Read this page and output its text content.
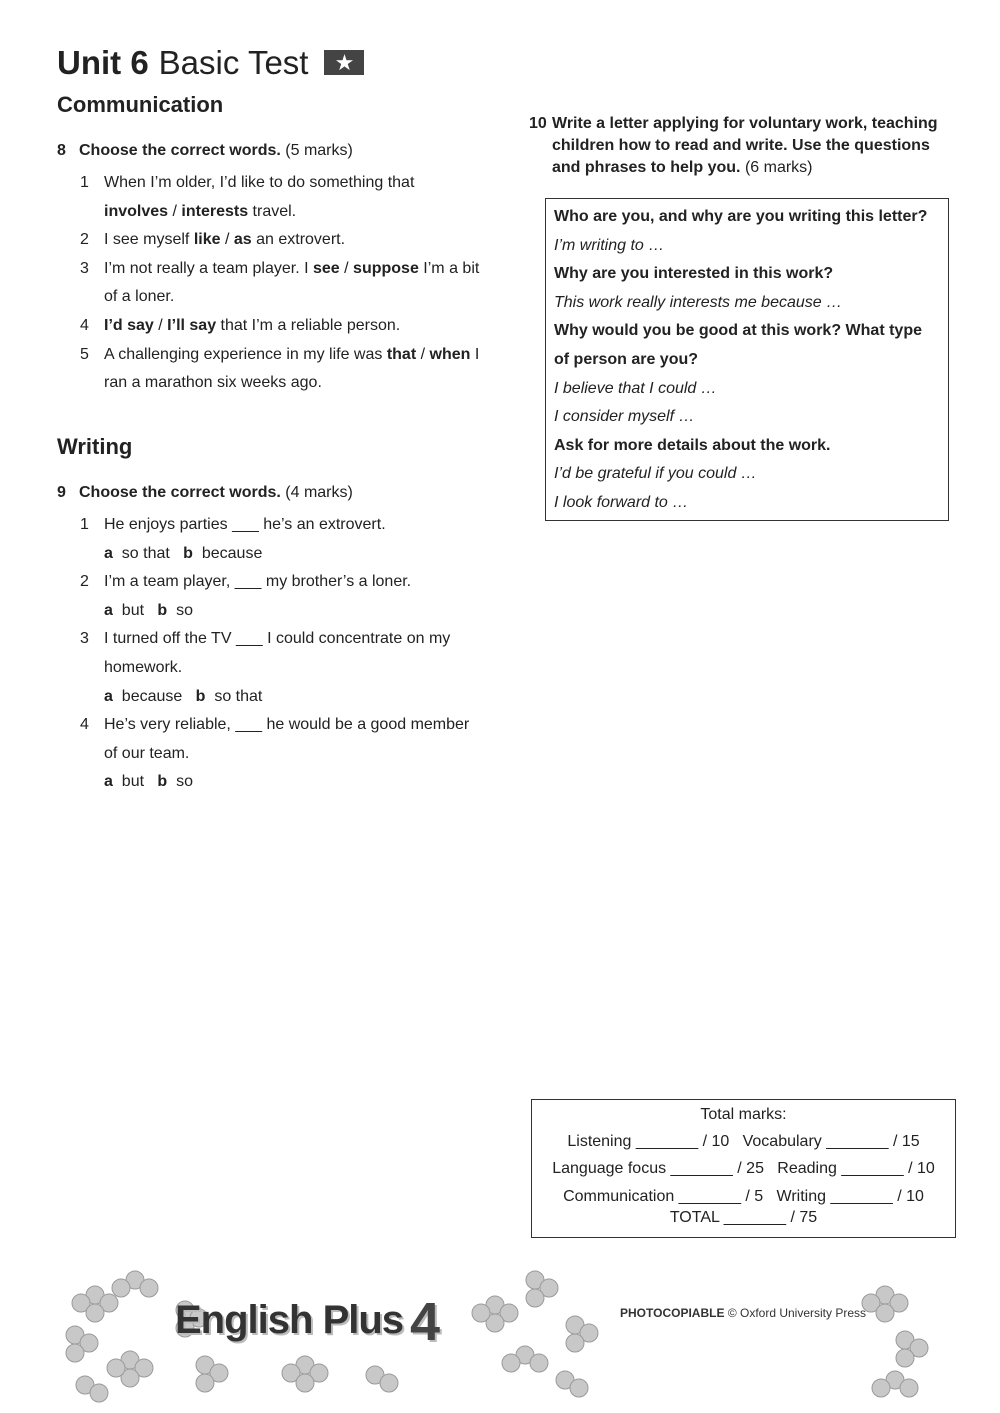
Unit 6 Basic Test ★
Communication
8 Choose the correct words. (5 marks)
1 When I’m older, I’d like to do something that involves / interests travel.
2 I see myself like / as an extrovert.
3 I’m not really a team player. I see / suppose I’m a bit of a loner.
4 I’d say / I’ll say that I’m a reliable person.
5 A challenging experience in my life was that / when I ran a marathon six weeks ago.
Writing
9 Choose the correct words. (4 marks)
1 He enjoys parties ___ he’s an extrovert.
a so that b because
2 I’m a team player, ___ my brother’s a loner.
a but b so
3 I turned off the TV ___ I could concentrate on my homework.
a because b so that
4 He’s very reliable, ___ he would be a good member of our team.
a but b so
10 Write a letter applying for voluntary work, teaching children how to read and write. Use the questions and phrases to help you. (6 marks)
Who are you, and why are you writing this letter?
I’m writing to …
Why are you interested in this work?
This work really interests me because …
Why would you be good at this work? What type of person are you?
I believe that I could …
I consider myself …
Ask for more details about the work.
I’d be grateful if you could …
I look forward to …
Total marks:
Listening _______ / 10   Vocabulary _______ / 15
Language focus _______ / 25   Reading _______ / 10
Communication _______ / 5   Writing _______ / 10
TOTAL _______ / 75
English Plus 4	PHOTOCOPIABLE © Oxford University Press
